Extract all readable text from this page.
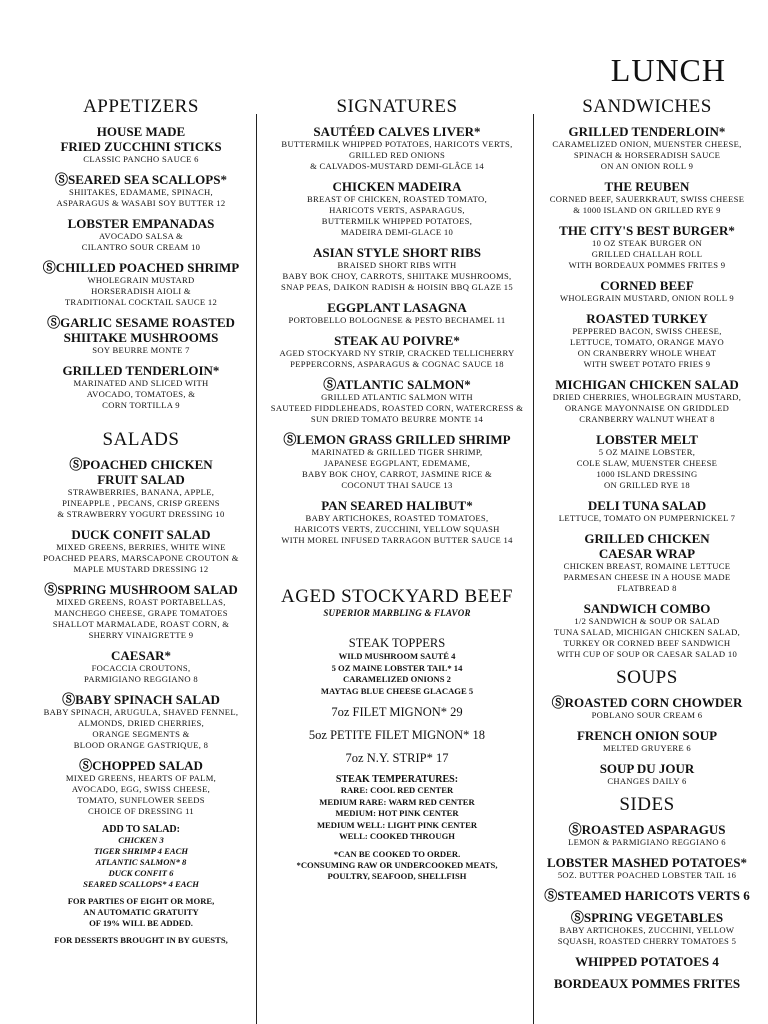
LUNCH
APPETIZERS
HOUSE MADE
FRIED ZUCCHINI STICKS
CLASSIC PANCHO SAUCE 6
ⓈSEARED SEA SCALLOPS*
SHIITAKES, EDAMAME, SPINACH,
ASPARAGUS & WASABI SOY BUTTER 12
LOBSTER EMPANADAS
AVOCADO SALSA &
CILANTRO SOUR CREAM 10
ⓈCHILLED POACHED SHRIMP
WHOLEGRAIN MUSTARD
HORSERADISH AIOLI &
TRADITIONAL COCKTAIL SAUCE 12
ⓈGARLIC SESAME ROASTED
SHIITAKE MUSHROOMS
SOY BEURRE MONTE 7
GRILLED TENDERLOIN*
MARINATED AND SLICED WITH
AVOCADO, TOMATOES, &
CORN TORTILLA 9
SALADS
ⓈPOACHED CHICKEN
FRUIT SALAD
STRAWBERRIES, BANANA, APPLE,
PINEAPPLE , PECANS, CRISP GREENS
& STRAWBERRY YOGURT DRESSING 10
DUCK CONFIT SALAD
MIXED GREENS, BERRIES, WHITE WINE
POACHED PEARS, MARSCAPONE CROUTON &
MAPLE MUSTARD DRESSING 12
ⓈSPRING MUSHROOM SALAD
MIXED GREENS, ROAST PORTABELLAS,
MANCHEGO CHEESE, GRAPE TOMATOES
SHALLOT MARMALADE, ROAST CORN, &
SHERRY VINAIGRETTE 9
CAESAR*
FOCACCIA CROUTONS,
PARMIGIANO REGGIANO 8
ⓈBABY SPINACH SALAD
BABY SPINACH, ARUGULA, SHAVED FENNEL,
ALMONDS, DRIED CHERRIES,
ORANGE SEGMENTS &
BLOOD ORANGE GASTRIQUE, 8
ⓈCHOPPED SALAD
MIXED GREENS, HEARTS OF PALM,
AVOCADO, EGG, SWISS CHEESE,
TOMATO, SUNFLOWER SEEDS
CHOICE OF DRESSING 11
ADD TO SALAD:
CHICKEN 3
TIGER SHRIMP 4 EACH
ATLANTIC SALMON* 8
DUCK CONFIT 6
SEARED SCALLOPS* 4 EACH
FOR PARTIES OF EIGHT OR MORE,
AN AUTOMATIC GRATUITY
OF 19% WILL BE ADDED.
FOR DESSERTS BROUGHT IN BY GUESTS,
SIGNATURES
SAUTÉED CALVES LIVER*
BUTTERMILK WHIPPED POTATOES, HARICOTS VERTS,
GRILLED RED ONIONS
& CALVADOS-MUSTARD DEMI-GLÂCE 14
CHICKEN MADEIRA
BREAST OF CHICKEN, ROASTED TOMATO,
HARICOTS VERTS, ASPARAGUS,
BUTTERMILK WHIPPED POTATOES,
MADEIRA DEMI-GLACE 10
ASIAN STYLE SHORT RIBS
BRAISED SHORT RIBS WITH
BABY BOK CHOY, CARROTS, SHIITAKE MUSHROOMS,
SNAP PEAS, DAIKON RADISH & HOISIN BBQ GLAZE 15
EGGPLANT LASAGNA
PORTOBELLO BOLOGNESE & PESTO BECHAMEL 11
STEAK AU POIVRE*
AGED STOCKYARD NY STRIP, CRACKED TELLICHERRY
PEPPERCORNS, ASPARAGUS & COGNAC SAUCE 18
ⓈATLANTIC SALMON*
GRILLED ATLANTIC SALMON WITH
SAUTEED FIDDLEHEADS, ROASTED CORN, WATERCRESS &
SUN DRIED TOMATO BEURRE MONTE 14
ⓈLEMON GRASS GRILLED SHRIMP
MARINATED & GRILLED TIGER SHRIMP,
JAPANESE EGGPLANT, EDEMAME,
BABY BOK CHOY, CARROT, JASMINE RICE &
COCONUT THAI SAUCE 13
PAN SEARED HALIBUT*
BABY ARTICHOKES, ROASTED TOMATOES,
HARICOTS VERTS, ZUCCHINI, YELLOW SQUASH
WITH MOREL INFUSED TARRAGON BUTTER SAUCE 14
AGED STOCKYARD BEEF
SUPERIOR MARBLING & FLAVOR
STEAK TOPPERS
WILD MUSHROOM SAUTÉ 4
5 OZ MAINE LOBSTER TAIL* 14
CARAMELIZED ONIONS 2
MAYTAG BLUE CHEESE GLACAGE 5
7oz FILET MIGNON* 29
5oz PETITE FILET MIGNON* 18
7oz N.Y. STRIP* 17
STEAK TEMPERATURES:
RARE: COOL RED CENTER
MEDIUM RARE: WARM RED CENTER
MEDIUM: HOT PINK CENTER
MEDIUM WELL: LIGHT PINK CENTER
WELL: COOKED THROUGH
*CAN BE COOKED TO ORDER.
*CONSUMING RAW OR UNDERCOOKED MEATS,
POULTRY, SEAFOOD, SHELLFISH
SANDWICHES
GRILLED TENDERLOIN*
CARAMELIZED ONION, MUENSTER CHEESE,
SPINACH & HORSERADISH SAUCE
ON AN ONION ROLL 9
THE REUBEN
CORNED BEEF, SAUERKRAUT, SWISS CHEESE
& 1000 ISLAND ON GRILLED RYE 9
THE CITY'S BEST BURGER*
10 OZ STEAK BURGER ON
GRILLED CHALLAH ROLL
WITH BORDEAUX POMMES FRITES 9
CORNED BEEF
WHOLEGRAIN MUSTARD, ONION ROLL 9
ROASTED TURKEY
PEPPERED BACON, SWISS CHEESE,
LETTUCE, TOMATO, ORANGE MAYO
ON CRANBERRY WHOLE WHEAT
WITH SWEET POTATO FRIES 9
MICHIGAN CHICKEN SALAD
DRIED CHERRIES, WHOLEGRAIN MUSTARD,
ORANGE MAYONNAISE ON GRIDDLED
CRANBERRY WALNUT WHEAT 8
LOBSTER MELT
5 OZ MAINE LOBSTER,
COLE SLAW, MUENSTER CHEESE
1000 ISLAND DRESSING
ON GRILLED RYE 18
DELI TUNA SALAD
LETTUCE, TOMATO ON PUMPERNICKEL 7
GRILLED CHICKEN
CAESAR WRAP
CHICKEN BREAST, ROMAINE LETTUCE
PARMESAN CHEESE IN A HOUSE MADE
FLATBREAD 8
SANDWICH COMBO
1/2 SANDWICH & SOUP OR SALAD
TUNA SALAD, MICHIGAN CHICKEN SALAD,
TURKEY OR CORNED BEEF SANDWICH
WITH CUP OF SOUP OR CAESAR SALAD 10
SOUPS
ⓈROASTED CORN CHOWDER
POBLANO SOUR CREAM 6
FRENCH ONION SOUP
MELTED GRUYERE 6
SOUP DU JOUR
CHANGES DAILY 6
SIDES
ⓈROASTED ASPARAGUS
LEMON & PARMIGIANO REGGIANO 6
LOBSTER MASHED POTATOES*
5OZ. BUTTER POACHED LOBSTER TAIL 16
ⓈSTEAMED HARICOTS VERTS 6
ⓈSPRING VEGETABLES
BABY ARTICHOKES, ZUCCHINI, YELLOW
SQUASH, ROASTED CHERRY TOMATOES 5
WHIPPED POTATOES 4
BORDEAUX POMMES FRITES
